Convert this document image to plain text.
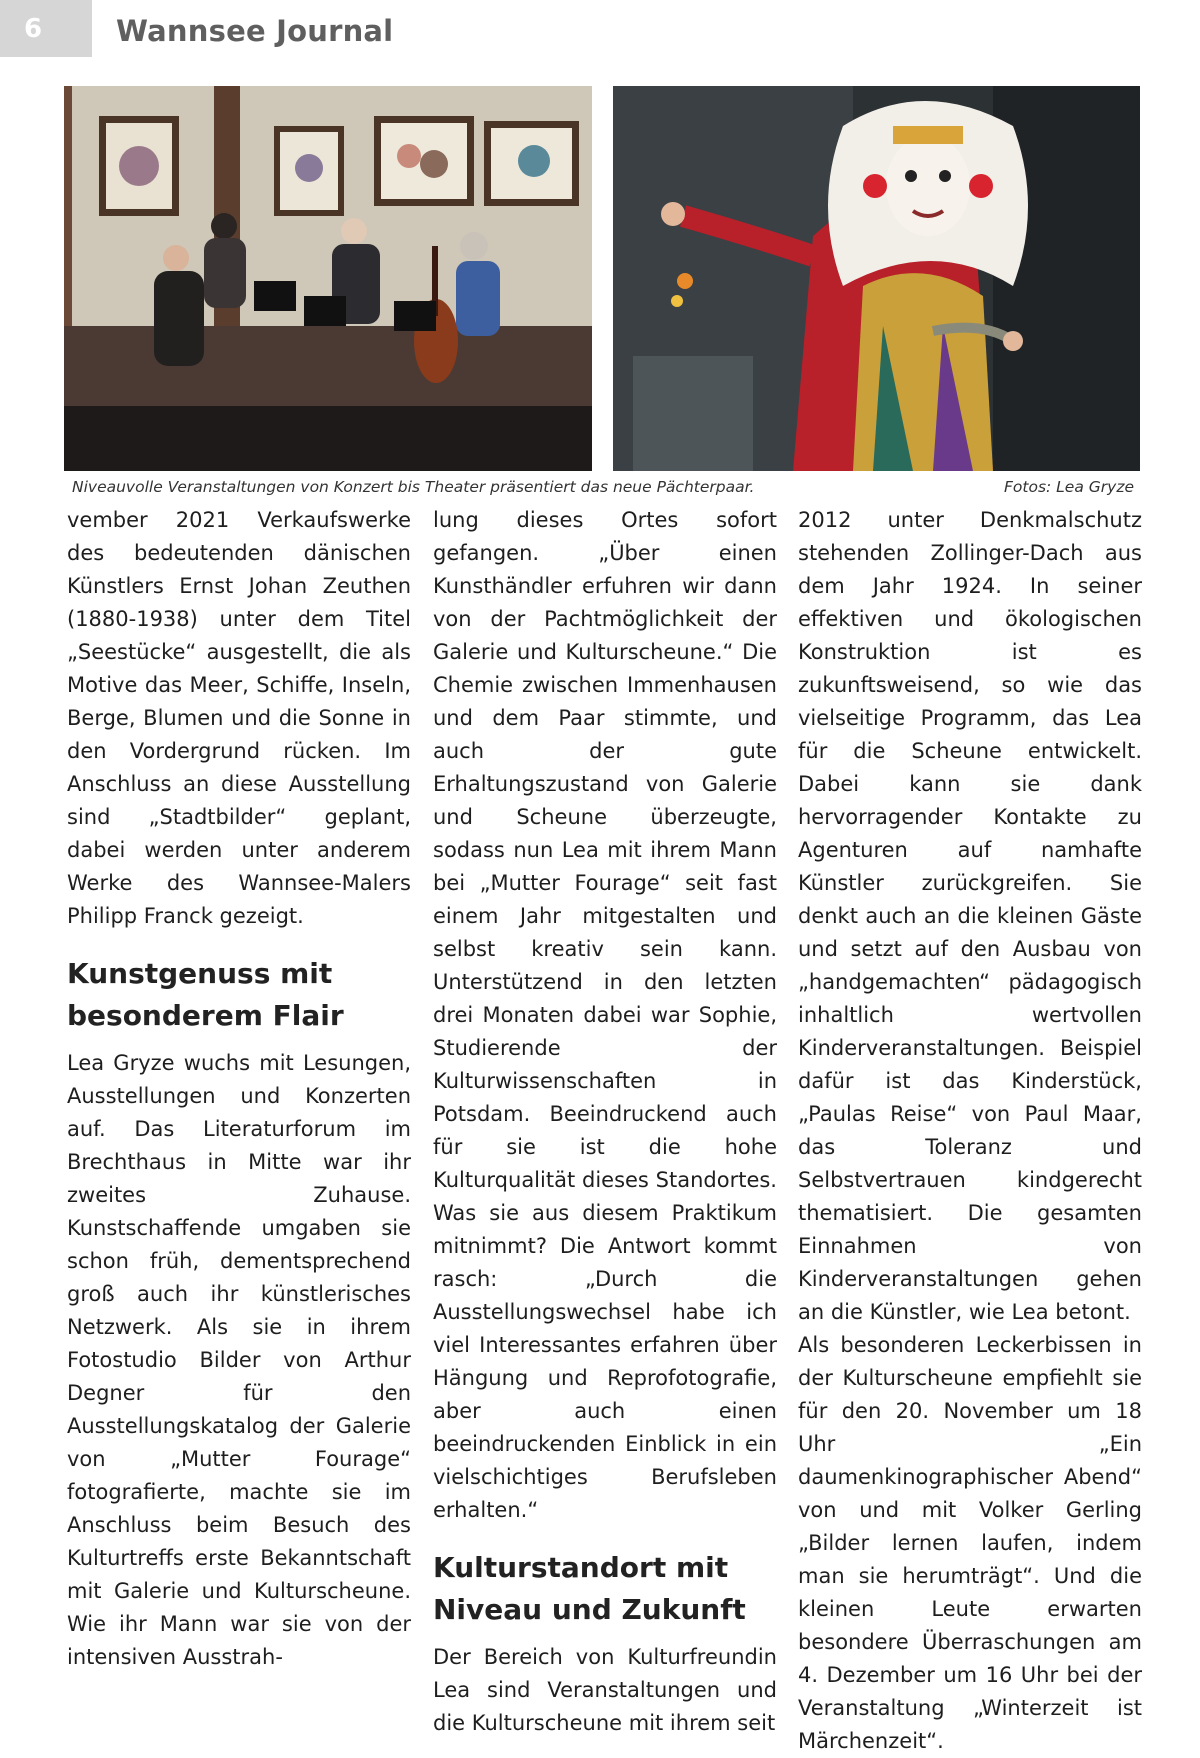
6	Wannsee Journal
Niveauvolle Veranstaltungen von Konzert bis Theater präsentiert das neue Pächterpaar.	Fotos: Lea Gryze

vember 2021 Verkaufswerke des bedeutenden dänischen Künstlers Ernst Johan Zeuthen (1880-1938) unter dem Titel „Seestücke“ ausgestellt, die als Motive das Meer, Schiffe, Inseln, Berge, Blumen und die Sonne in den Vordergrund rücken. Im Anschluss an diese Ausstellung sind „Stadtbilder“ geplant, dabei werden unter anderem Werke des Wannsee-Malers Philipp Franck gezeigt.

Kunstgenuss mit besonderem Flair

Lea Gryze wuchs mit Lesungen, Ausstellungen und Konzerten auf. Das Literaturforum im Brechthaus in Mitte war ihr zweites Zuhause. Kunstschaffende umgaben sie schon früh, dementsprechend groß auch ihr künstlerisches Netzwerk. Als sie in ihrem Fotostudio Bilder von Arthur Degner für den Ausstellungskatalog der Galerie von „Mutter Fourage“ fotografierte, machte sie im Anschluss beim Besuch des Kulturtreffs erste Bekanntschaft mit Galerie und Kulturscheune. Wie ihr Mann war sie von der intensiven Ausstrah-

lung dieses Ortes sofort gefangen. „Über einen Kunsthändler erfuhren wir dann von der Pachtmöglichkeit der Galerie und Kulturscheune.“ Die Chemie zwischen Immenhausen und dem Paar stimmte, und auch der gute Erhaltungszustand von Galerie und Scheune überzeugte, sodass nun Lea mit ihrem Mann bei „Mutter Fourage“ seit fast einem Jahr mitgestalten und selbst kreativ sein kann. Unterstützend in den letzten drei Monaten dabei war Sophie, Studierende der Kulturwissenschaften in Potsdam. Beeindruckend auch für sie ist die hohe Kulturqualität dieses Standortes. Was sie aus diesem Praktikum mitnimmt? Die Antwort kommt rasch: „Durch die Ausstellungswechsel habe ich viel Interessantes erfahren über Hängung und Reprofotografie, aber auch einen beeindruckenden Einblick in ein vielschichtiges Berufsleben erhalten.“

Kulturstandort mit Niveau und Zukunft

Der Bereich von Kulturfreundin Lea sind Veranstaltungen und die Kulturscheune mit ihrem seit

2012 unter Denkmalschutz stehenden Zollinger-Dach aus dem Jahr 1924. In seiner effektiven und ökologischen Konstruktion ist es zukunftsweisend, so wie das vielseitige Programm, das Lea für die Scheune entwickelt. Dabei kann sie dank hervorragender Kontakte zu Agenturen auf namhafte Künstler zurückgreifen. Sie denkt auch an die kleinen Gäste und setzt auf den Ausbau von „handgemachten“ pädagogisch inhaltlich wertvollen Kinderveranstaltungen. Beispiel dafür ist das Kinderstück, „Paulas Reise“ von Paul Maar, das Toleranz und Selbstvertrauen kindgerecht thematisiert. Die gesamten Einnahmen von Kinderveranstaltungen gehen an die Künstler, wie Lea betont.

Als besonderen Leckerbissen in der Kulturscheune empfiehlt sie für den 20. November um 18 Uhr „Ein daumenkinographischer Abend“ von und mit Volker Gerling „Bilder lernen laufen, indem man sie herumträgt“. Und die kleinen Leute erwarten besondere Überraschungen am 4. Dezember um 16 Uhr bei der Veranstaltung „Winterzeit ist Märchenzeit“.
